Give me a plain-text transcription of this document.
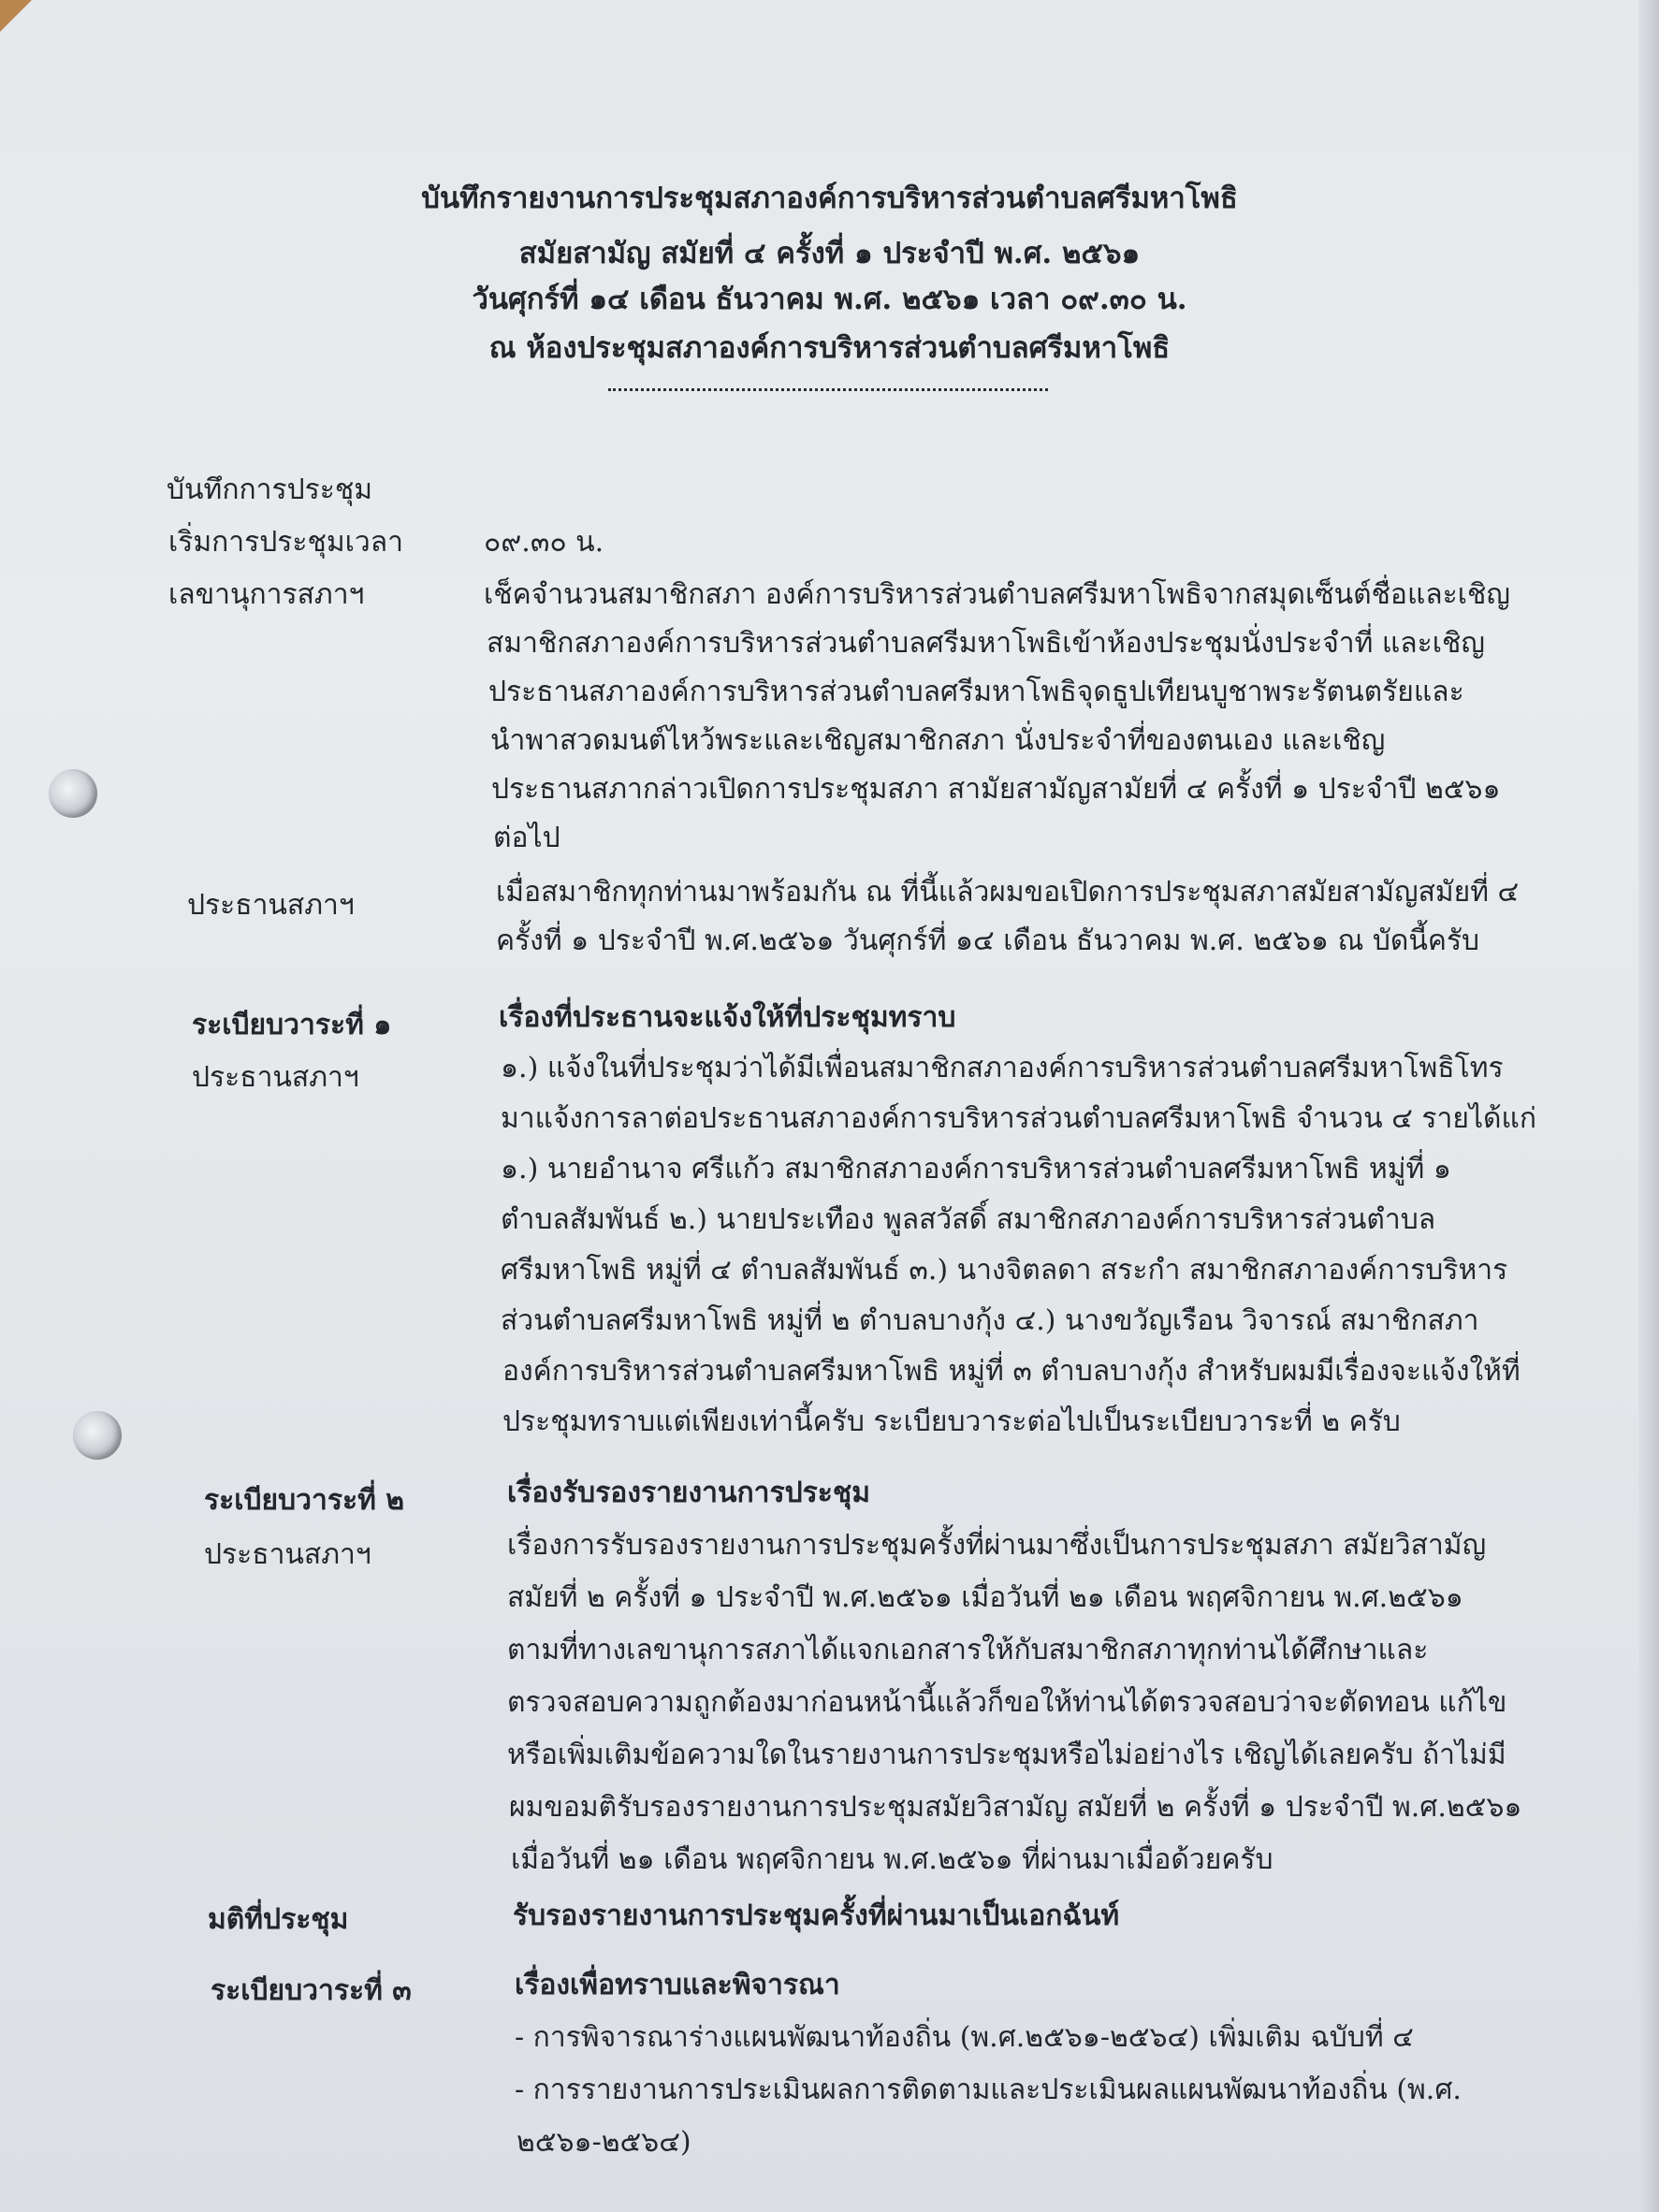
บันทึกรายงานการประชุมสภาองค์การบริหารส่วนตำบลศรีมหาโพธิ
สมัยสามัญ สมัยที่ ๔ ครั้งที่ ๑ ประจำปี พ.ศ. ๒๕๖๑
วันศุกร์ที่ ๑๔ เดือน ธันวาคม พ.ศ. ๒๕๖๑ เวลา ๐๙.๓๐ น.
ณ ห้องประชุมสภาองค์การบริหารส่วนตำบลศรีมหาโพธิ
บันทึกการประชุม
เริ่มการประชุมเวลา
เลขานุการสภาฯ
ประธานสภาฯ
ระเบียบวาระที่ ๑
ประธานสภาฯ
ระเบียบวาระที่ ๒
ประธานสภาฯ
มติที่ประชุม
ระเบียบวาระที่ ๓
๐๙.๓๐ น.
เช็คจำนวนสมาชิกสภา องค์การบริหารส่วนตำบลศรีมหาโพธิจากสมุดเซ็นต์ชื่อและเชิญ
สมาชิกสภาองค์การบริหารส่วนตำบลศรีมหาโพธิเข้าห้องประชุมนั่งประจำที่ และเชิญ
ประธานสภาองค์การบริหารส่วนตำบลศรีมหาโพธิจุดธูปเทียนบูชาพระรัตนตรัยและ
นำพาสวดมนต์ไหว้พระและเชิญสมาชิกสภา นั่งประจำที่ของตนเอง และเชิญ
ประธานสภากล่าวเปิดการประชุมสภา สามัยสามัญสามัยที่ ๔ ครั้งที่ ๑ ประจำปี ๒๕๖๑
ต่อไป
เมื่อสมาชิกทุกท่านมาพร้อมกัน ณ ที่นี้แล้วผมขอเปิดการประชุมสภาสมัยสามัญสมัยที่ ๔
ครั้งที่ ๑ ประจำปี พ.ศ.๒๕๖๑ วันศุกร์ที่ ๑๔ เดือน ธันวาคม พ.ศ. ๒๕๖๑ ณ บัดนี้ครับ
เรื่องที่ประธานจะแจ้งให้ที่ประชุมทราบ
๑.) แจ้งในที่ประชุมว่าได้มีเพื่อนสมาชิกสภาองค์การบริหารส่วนตำบลศรีมหาโพธิโทร
มาแจ้งการลาต่อประธานสภาองค์การบริหารส่วนตำบลศรีมหาโพธิ จำนวน ๔ รายได้แก่
๑.) นายอำนาจ ศรีแก้ว สมาชิกสภาองค์การบริหารส่วนตำบลศรีมหาโพธิ หมู่ที่ ๑
ตำบลสัมพันธ์ ๒.) นายประเทือง พูลสวัสดิ์ สมาชิกสภาองค์การบริหารส่วนตำบล
ศรีมหาโพธิ หมู่ที่ ๔ ตำบลสัมพันธ์ ๓.) นางจิตลดา สระกำ สมาชิกสภาองค์การบริหาร
ส่วนตำบลศรีมหาโพธิ หมู่ที่ ๒ ตำบลบางกุ้ง ๔.) นางขวัญเรือน วิจารณ์ สมาชิกสภา
องค์การบริหารส่วนตำบลศรีมหาโพธิ หมู่ที่ ๓ ตำบลบางกุ้ง สำหรับผมมีเรื่องจะแจ้งให้ที่
ประชุมทราบแต่เพียงเท่านี้ครับ ระเบียบวาระต่อไปเป็นระเบียบวาระที่ ๒ ครับ
เรื่องรับรองรายงานการประชุม
เรื่องการรับรองรายงานการประชุมครั้งที่ผ่านมาซึ่งเป็นการประชุมสภา สมัยวิสามัญ
สมัยที่ ๒ ครั้งที่ ๑ ประจำปี พ.ศ.๒๕๖๑ เมื่อวันที่ ๒๑ เดือน พฤศจิกายน พ.ศ.๒๕๖๑
ตามที่ทางเลขานุการสภาได้แจกเอกสารให้กับสมาชิกสภาทุกท่านได้ศึกษาและ
ตรวจสอบความถูกต้องมาก่อนหน้านี้แล้วก็ขอให้ท่านได้ตรวจสอบว่าจะตัดทอน แก้ไข
หรือเพิ่มเติมข้อความใดในรายงานการประชุมหรือไม่อย่างไร เชิญได้เลยครับ ถ้าไม่มี
ผมขอมติรับรองรายงานการประชุมสมัยวิสามัญ สมัยที่ ๒ ครั้งที่ ๑ ประจำปี พ.ศ.๒๕๖๑
เมื่อวันที่ ๒๑ เดือน พฤศจิกายน พ.ศ.๒๕๖๑ ที่ผ่านมาเมื่อด้วยครับ
รับรองรายงานการประชุมครั้งที่ผ่านมาเป็นเอกฉันท์
เรื่องเพื่อทราบและพิจารณา
- การพิจารณาร่างแผนพัฒนาท้องถิ่น (พ.ศ.๒๕๖๑-๒๕๖๔) เพิ่มเติม ฉบับที่ ๔
- การรายงานการประเมินผลการติดตามและประเมินผลแผนพัฒนาท้องถิ่น (พ.ศ.
๒๕๖๑-๒๕๖๔)
